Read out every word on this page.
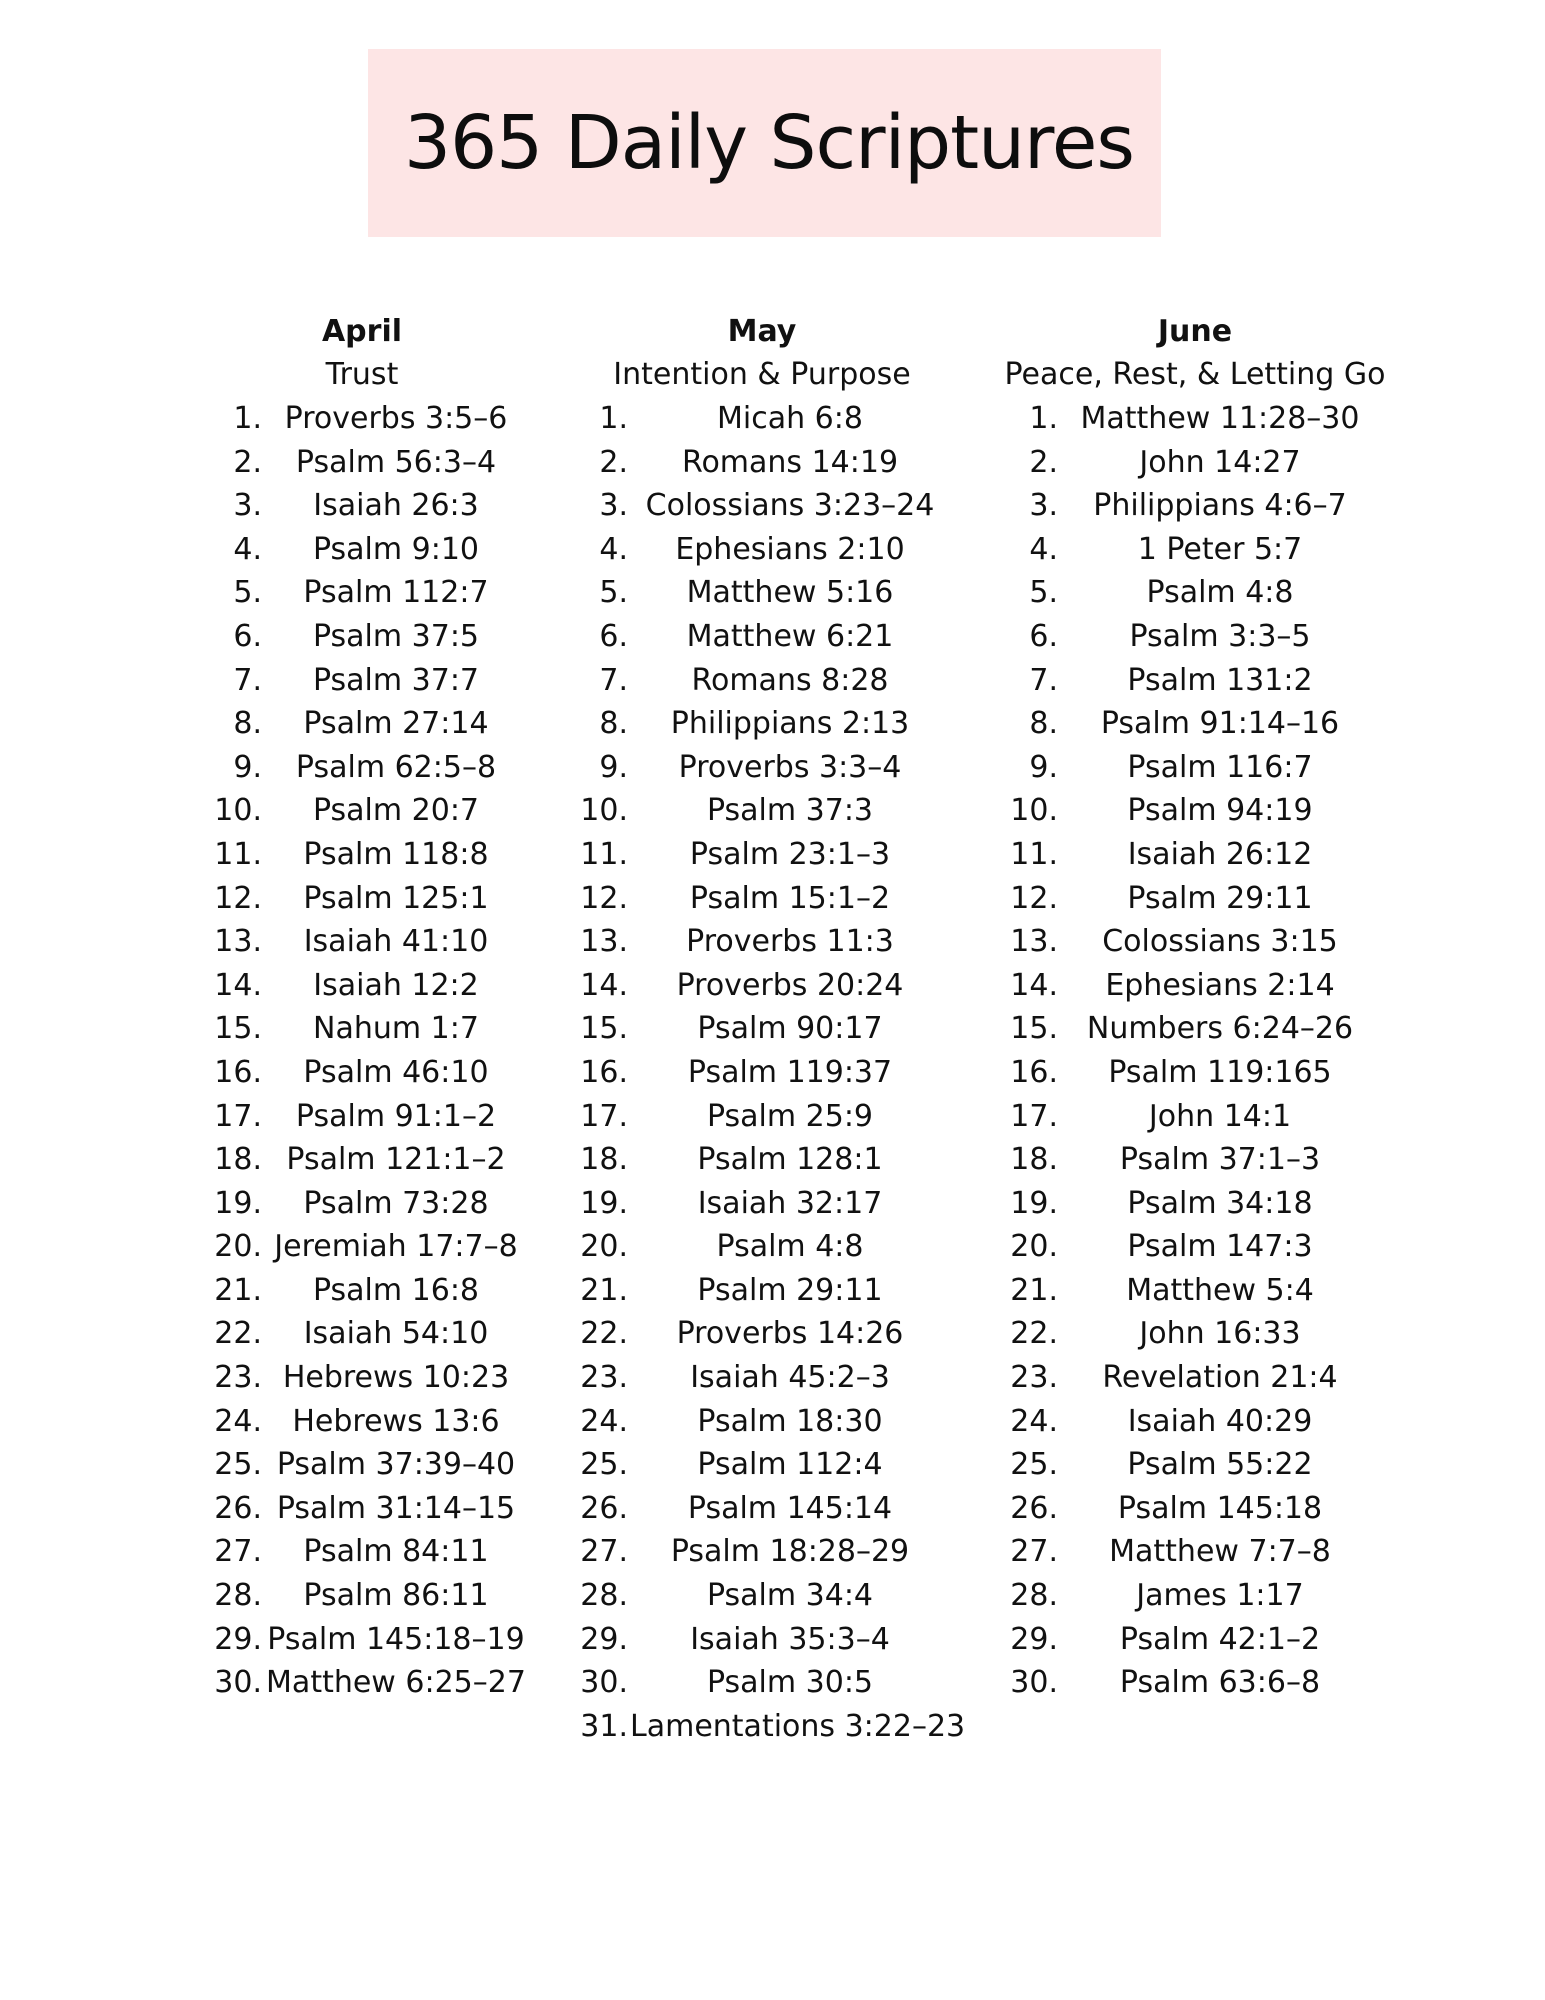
365 Daily Scriptures
April
Trust
1. Proverbs 3:5–6
2.	Psalm 56:3–4
3.	Isaiah 26:3
4.	Psalm 9:10
5.	Psalm 112:7
6.	Psalm 37:5
7.	Psalm 37:7
8.	Psalm 27:14
9.	Psalm 62:5–8
10.	Psalm 20:7
11.	Psalm 118:8
12.	Psalm 125:1
13.	Isaiah 41:10
14.	Isaiah 12:2
15.	Nahum 1:7
16.	Psalm 46:10
17.	Psalm 91:1–2
18. Psalm 121:1–2
19.	Psalm 73:28
20. Jeremiah 17:7–8
21.	Psalm 16:8
22.	Isaiah 54:10
23. Hebrews 10:23
24.	Hebrews 13:6
25. Psalm 37:39–40
26. Psalm 31:14–15
27.	Psalm 84:11
28.	Psalm 86:11
29. Psalm 145:18–19
30. Matthew 6:25–27
May
Intention & Purpose
1.	Micah 6:8
2.	Romans 14:19
3. Colossians 3:23–24
4.	Ephesians 2:10
5.	Matthew 5:16
6.	Matthew 6:21
7.	Romans 8:28
8.	Philippians 2:13
9.	Proverbs 3:3–4
10.	Psalm 37:3
11.	Psalm 23:1–3
12.	Psalm 15:1–2
13.	Proverbs 11:3
14.	Proverbs 20:24
15.	Psalm 90:17
16.	Psalm 119:37
17.	Psalm 25:9
18.	Psalm 128:1
19.	Isaiah 32:17
20.	Psalm 4:8
21.	Psalm 29:11
22.	Proverbs 14:26
23.	Isaiah 45:2–3
24.	Psalm 18:30
25.	Psalm 112:4
26.	Psalm 145:14
27.	Psalm 18:28–29
28.	Psalm 34:4
29.	Isaiah 35:3–4
30.	Psalm 30:5
31. Lamentations 3:22–23
June
Peace, Rest, & Letting Go
1. Matthew 11:28–30
2.	John 14:27
3.	Philippians 4:6–7
4.	1 Peter 5:7
5.	Psalm 4:8
6.	Psalm 3:3–5
7.	Psalm 131:2
8.	Psalm 91:14–16
9.	Psalm 116:7
10.	Psalm 94:19
11.	Isaiah 26:12
12.	Psalm 29:11
13.	Colossians 3:15
14.	Ephesians 2:14
15. Numbers 6:24–26
16.	Psalm 119:165
17.	John 14:1
18.	Psalm 37:1–3
19.	Psalm 34:18
20.	Psalm 147:3
21.	Matthew 5:4
22.	John 16:33
23.	Revelation 21:4
24.	Isaiah 40:29
25.	Psalm 55:22
26.	Psalm 145:18
27.	Matthew 7:7–8
28.	James 1:17
29.	Psalm 42:1–2
30.	Psalm 63:6–8
